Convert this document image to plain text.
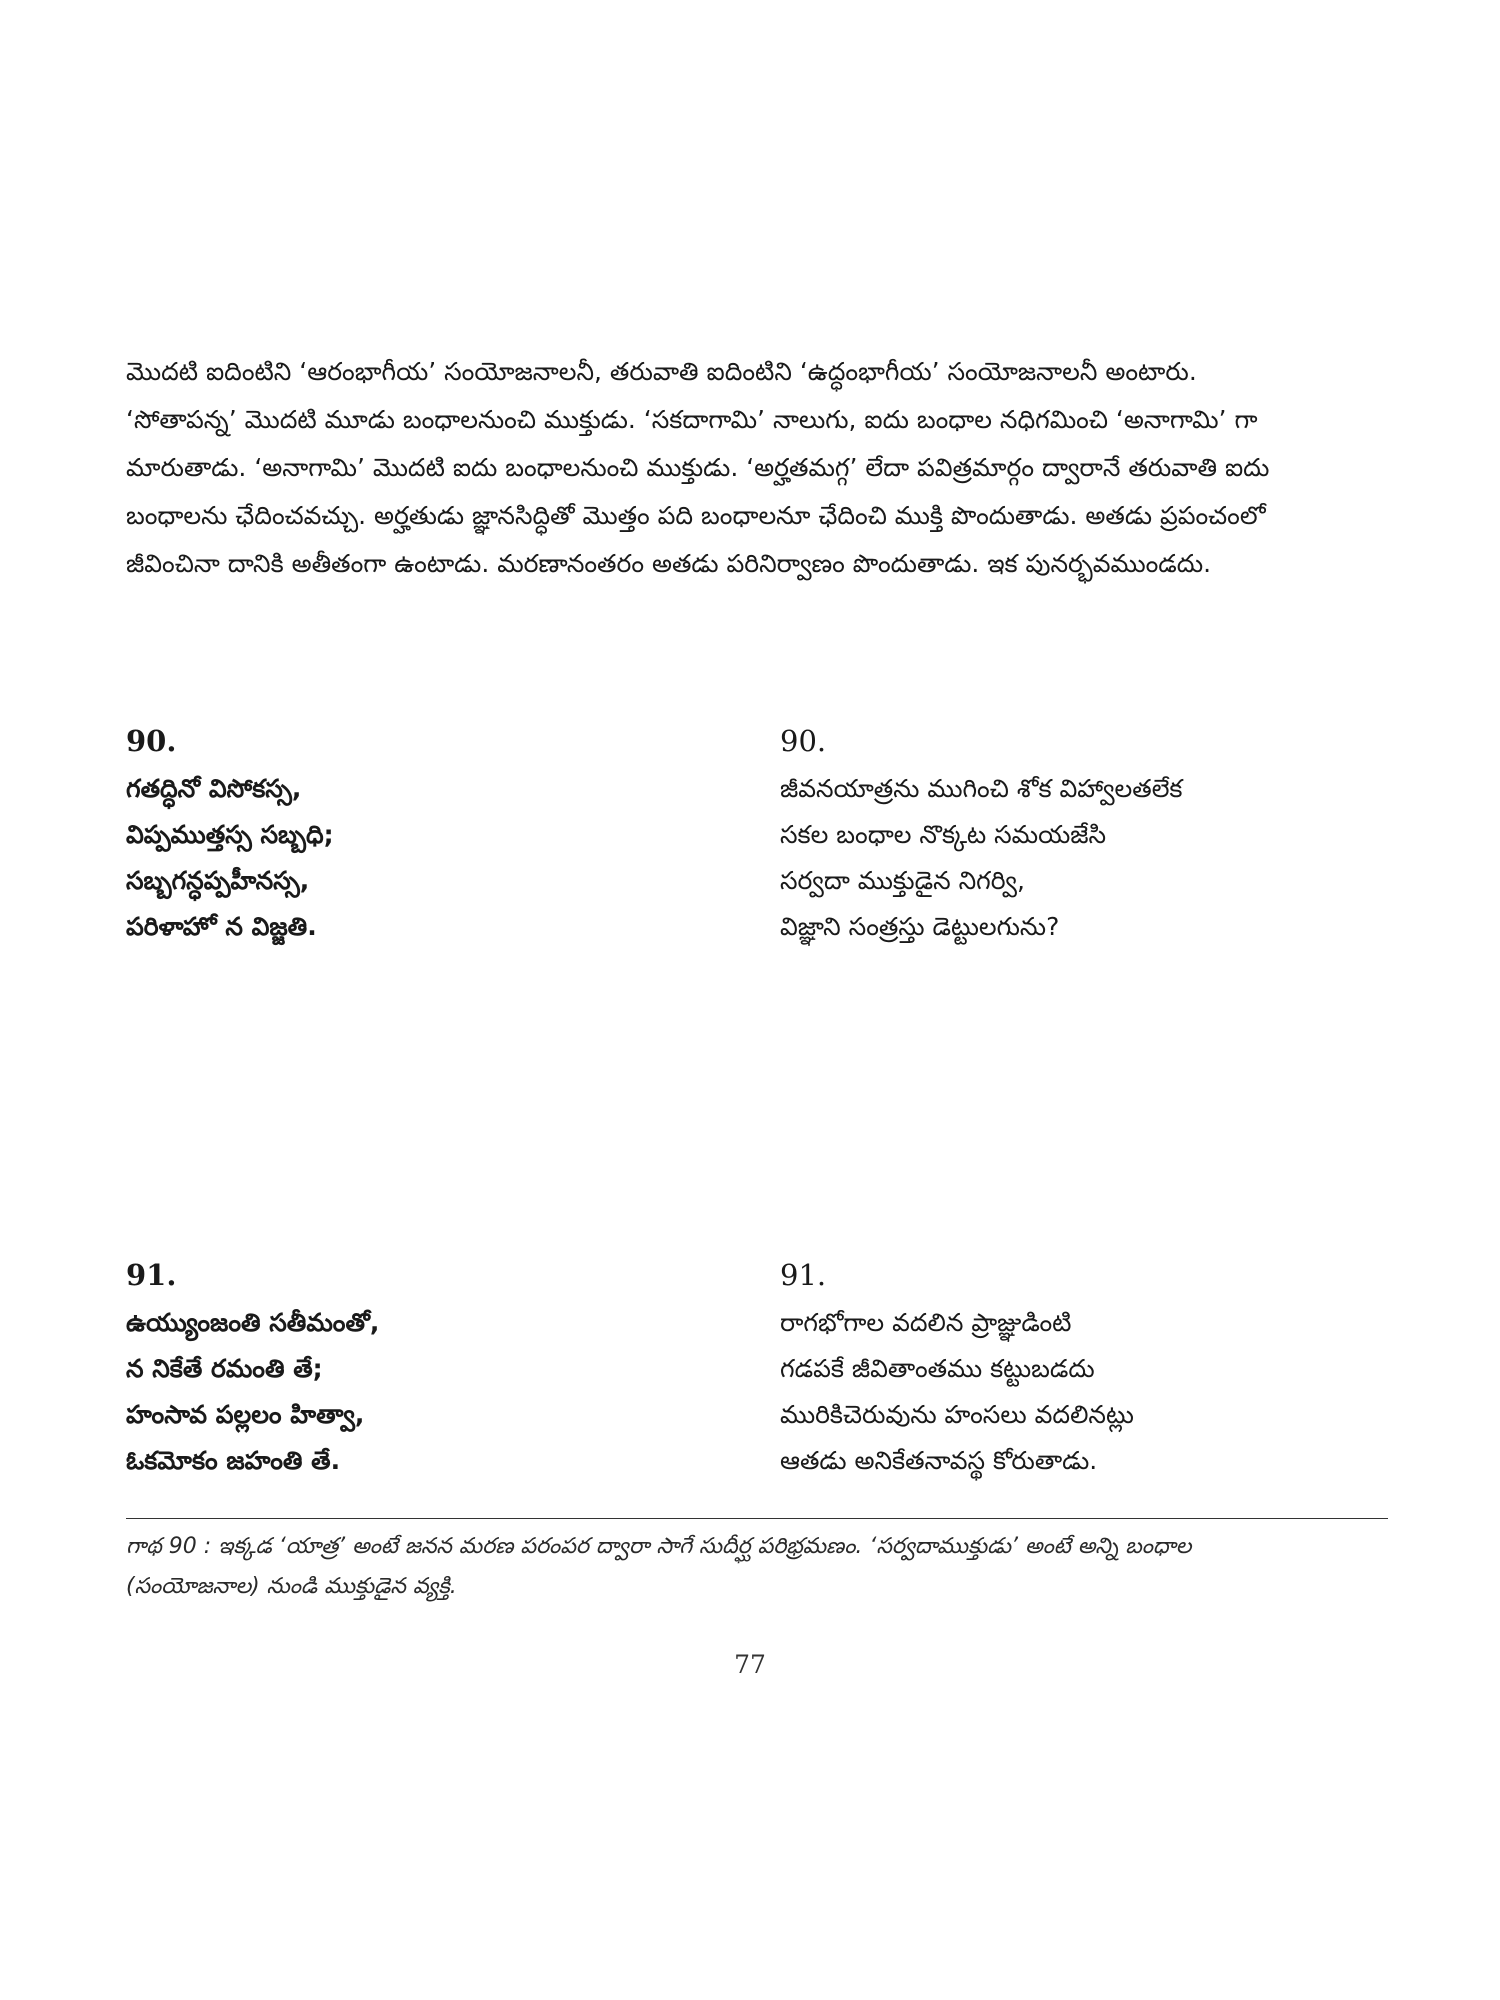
మొదటి ఐదింటిని ‘ఆరంభాగీయ’ సంయోజనాలనీ, తరువాతి ఐదింటిని ‘ఉద్ధంభాగీయ’ సంయోజనాలనీ అంటారు.
‘సోతాపన్న’ మొదటి మూడు బంధాలనుంచి ముక్తుడు. ‘సకదాగామి’ నాలుగు, ఐదు బంధాల నధిగమించి ‘అనాగామి’ గా
మారుతాడు. ‘అనాగామి’ మొదటి ఐదు బంధాలనుంచి ముక్తుడు. ‘అర్హతమగ్గ’ లేదా పవిత్రమార్గం ద్వారానే తరువాతి ఐదు
బంధాలను ఛేదించవచ్చు. అర్హతుడు జ్ఞానసిద్ధితో మొత్తం పది బంధాలనూ ఛేదించి ముక్తి పొందుతాడు. అతడు ప్రపంచంలో
జీవించినా దానికి అతీతంగా ఉంటాడు. మరణానంతరం అతడు పరినిర్వాణం పొందుతాడు. ఇక పునర్భవముండదు.
90.
గతద్ధినో విసోకస్స,
విప్పముత్తస్స సబ్బధి;
సబ్బగన్ధప్పహీనస్స,
పరిళాహో న విజ్జతి.
90.
జీవనయాత్రను ముగించి శోక విహ్వాలతలేక
సకల బంధాల నొక్కట సమయజేసి
సర్వదా ముక్తుడైన నిగర్వి,
విజ్ఞాని సంత్రస్తు డెట్టులగును?
91.
ఉయ్యుంజంతి సతీమంతో,
న నికేతే రమంతి తే;
హంసావ పల్లలం హిత్వా,
ఓకమోకం జహంతి తే.
91.
రాగభోగాల వదలిన ప్రాజ్ఞుడింటి
గడపకే జీవితాంతము కట్టుబడదు
మురికిచెరువును హంసలు వదలినట్లు
ఆతడు అనికేతనావస్థ కోరుతాడు.
గాథ 90 : ఇక్కడ ‘యాత్ర’ అంటే జనన మరణ పరంపర ద్వారా సాగే సుదీర్ఘ పరిభ్రమణం. ‘సర్వదాముక్తుడు’ అంటే అన్ని బంధాల
(సంయోజనాల) నుండి ముక్తుడైన వ్యక్తి.
77
